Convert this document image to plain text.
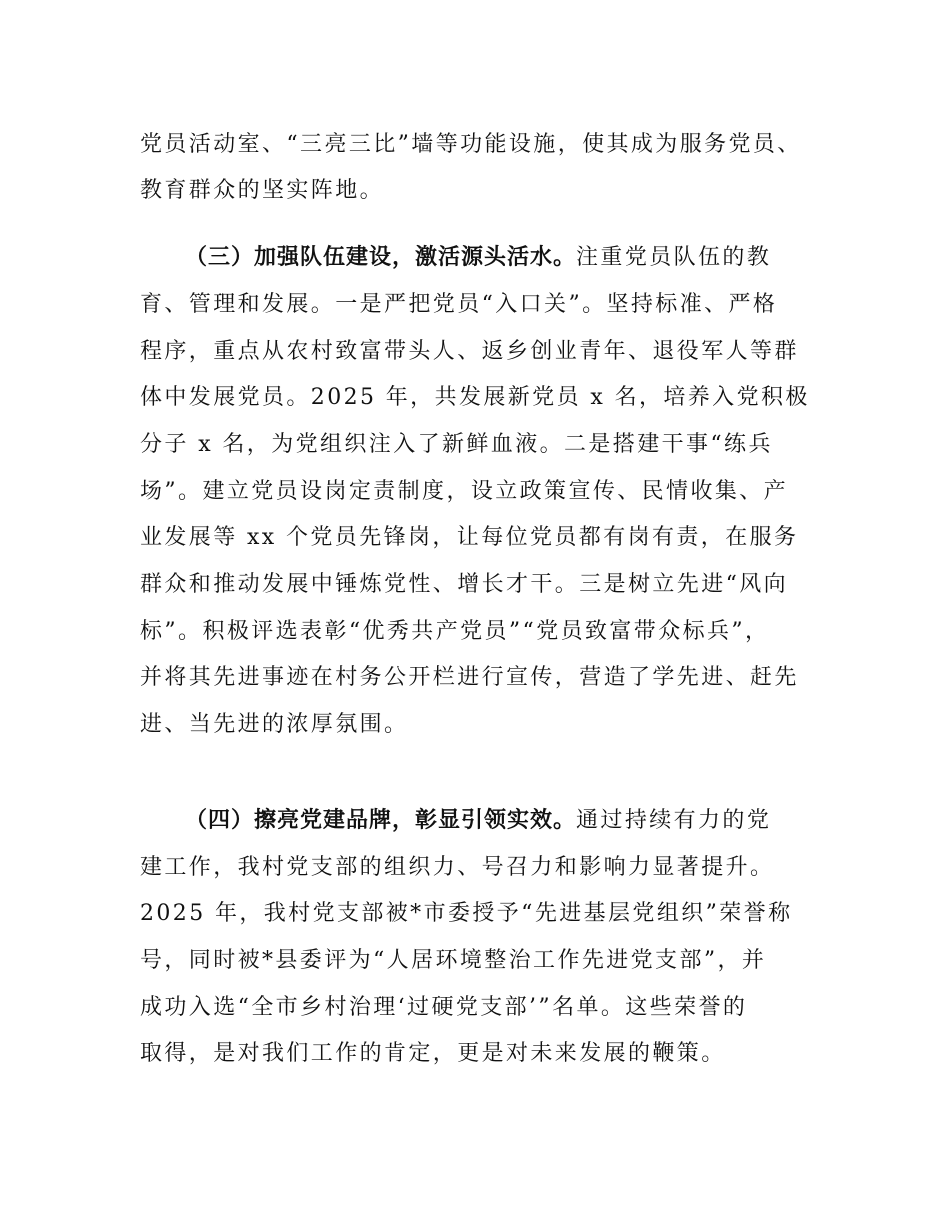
党员活动室、“三亮三比”墙等功能设施，使其成为服务党员、
教育群众的坚实阵地。
（三）加强队伍建设，激活源头活水。注重党员队伍的教
育、管理和发展。一是严把党员“入口关”。坚持标准、严格
程序，重点从农村致富带头人、返乡创业青年、退役军人等群
体中发展党员。2025 年，共发展新党员 x 名，培养入党积极
分子 x 名，为党组织注入了新鲜血液。二是搭建干事“练兵
场”。建立党员设岗定责制度，设立政策宣传、民情收集、产
业发展等 xx 个党员先锋岗，让每位党员都有岗有责，在服务
群众和推动发展中锤炼党性、增长才干。三是树立先进“风向
标”。积极评选表彰“优秀共产党员”“党员致富带众标兵”，
并将其先进事迹在村务公开栏进行宣传，营造了学先进、赶先
进、当先进的浓厚氛围。
（四）擦亮党建品牌，彰显引领实效。通过持续有力的党
建工作，我村党支部的组织力、号召力和影响力显著提升。
2025 年，我村党支部被*市委授予“先进基层党组织”荣誉称
号，同时被*县委评为“人居环境整治工作先进党支部”，并
成功入选“全市乡村治理‘过硬党支部’”名单。这些荣誉的
取得，是对我们工作的肯定，更是对未来发展的鞭策。
